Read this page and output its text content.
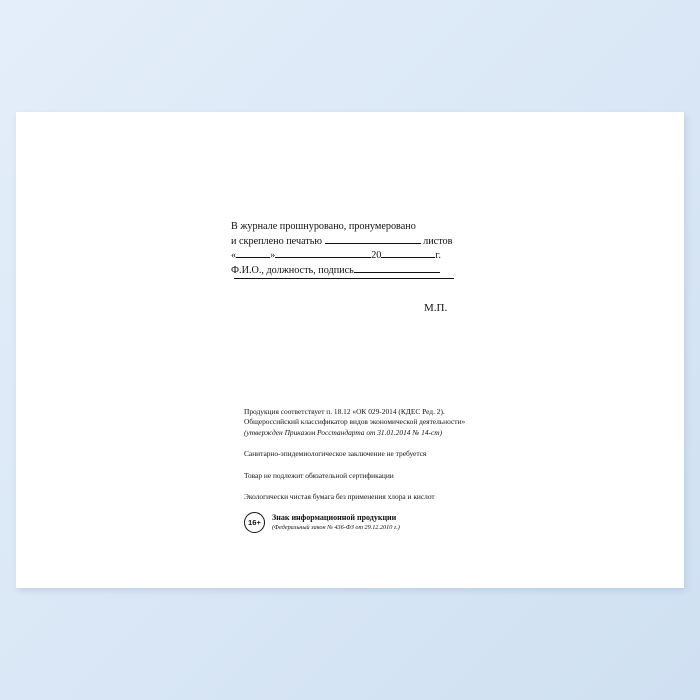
В журнале прошнуровано, пронумеровано
и скреплено печатью	листов
«	»	20	г.
Ф.И.О., должность, подпись
М.П.

Продукция соответствует п. 18.12 «ОК 029-2014 (КДЕС Ред. 2).

Общероссийский классификатор видов экономической деятельности»

(утвержден Приказом Росстандарта от 31.01.2014 № 14-ст)

Санитарно-эпидемиологическое заключение не требуется

Товар не подлежит обязательной сертификации

Экологически чистая бумага без применения хлора и кислот

16+
Знак информационной продукции
(Федеральный закон № 436-ФЗ от 29.12.2010 г.)
